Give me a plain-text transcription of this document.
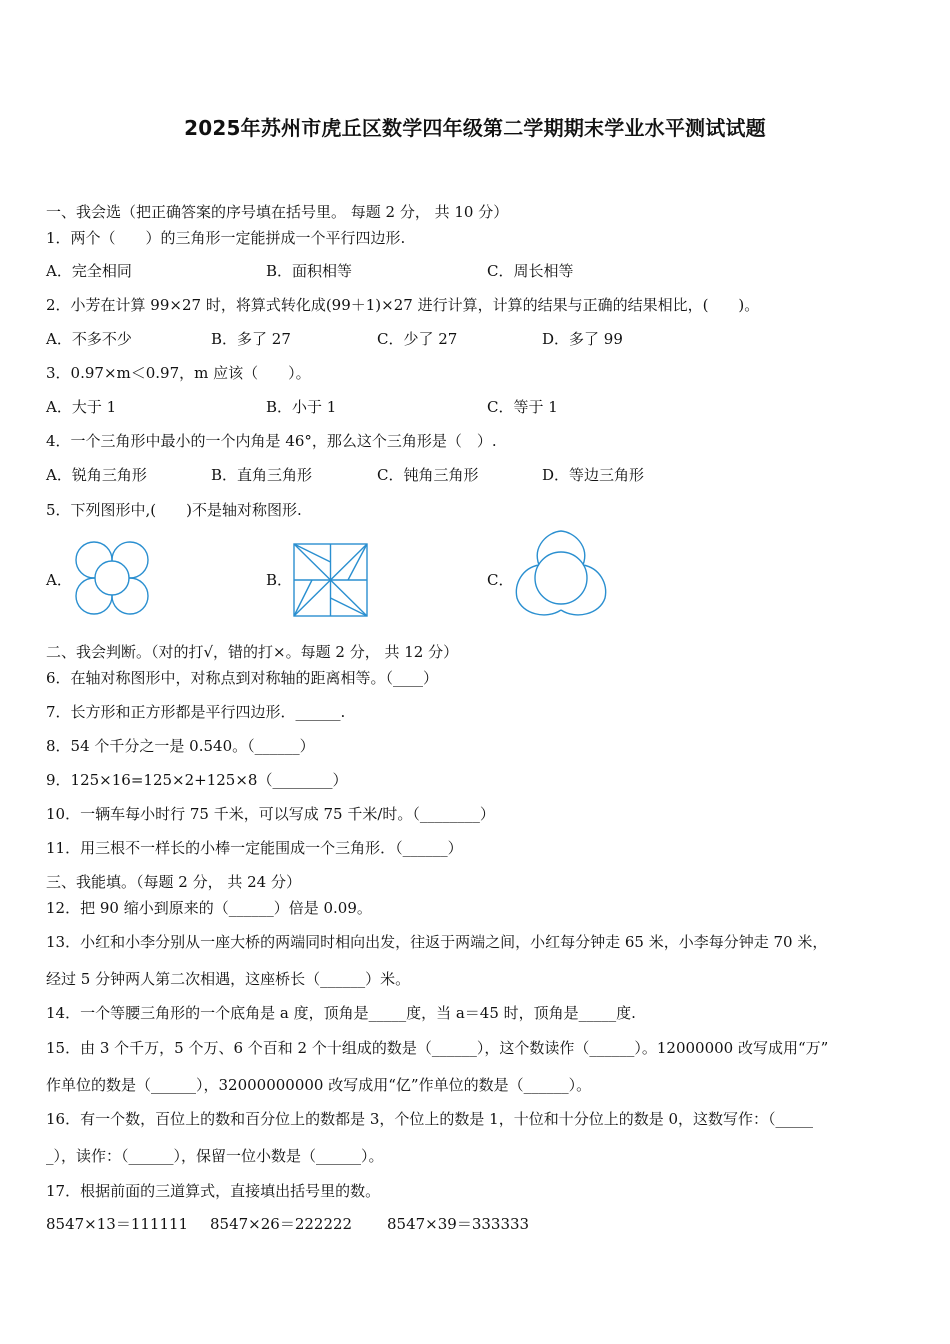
2025年苏州市虎丘区数学四年级第二学期期末学业水平测试试题
一、我会选（把正确答案的序号填在括号里。 每题 2 分， 共 10 分）
1．两个（　　）的三角形一定能拼成一个平行四边形.
A．完全相同	B．面积相等	C．周长相等
2．小芳在计算 99×27 时，将算式转化成(99＋1)×27 进行计算，计算的结果与正确的结果相比，(　　)。
A．不多不少	B．多了 27	C．少了 27	D．多了 99
3．0.97×m＜0.97，m 应该（　　）。
A．大于 1	B．小于 1	C．等于 1
4．一个三角形中最小的一个内角是 46°，那么这个三角形是（　）.
A．锐角三角形	B．直角三角形	C．钝角三角形	D．等边三角形
5．下列图形中,(　　)不是轴对称图形.
A．	B．	C．
二、我会判断。（对的打√，错的打×。每题 2 分， 共 12 分）
6．在轴对称图形中，对称点到对称轴的距离相等。（____）
7．长方形和正方形都是平行四边形．______.
8．54 个千分之一是 0.540。（______）
9．125×16=125×2+125×8（________）
10．一辆车每小时行 75 千米，可以写成 75 千米/时。（________）
11．用三根不一样长的小棒一定能围成一个三角形．（______）
三、我能填。（每题 2 分， 共 24 分）
12．把 90 缩小到原来的（______）倍是 0.09。
13．小红和小李分别从一座大桥的两端同时相向出发，往返于两端之间，小红每分钟走 65 米，小李每分钟走 70 米，
经过 5 分钟两人第二次相遇，这座桥长（______）米。
14．一个等腰三角形的一个底角是 a 度，顶角是_____度，当 a＝45 时，顶角是_____度.
15．由 3 个千万，5 个万、6 个百和 2 个十组成的数是（______），这个数读作（______）。12000000 改写成用“万”
作单位的数是（______），32000000000 改写成用“亿”作单位的数是（______）。
16．有一个数，百位上的数和百分位上的数都是 3，个位上的数是 1，十位和十分位上的数是 0，这数写作：（_____
_），读作：（______），保留一位小数是（______）。
17．根据前面的三道算式，直接填出括号里的数。
8547×13＝111111 8547×26＝222222 8547×39＝333333
